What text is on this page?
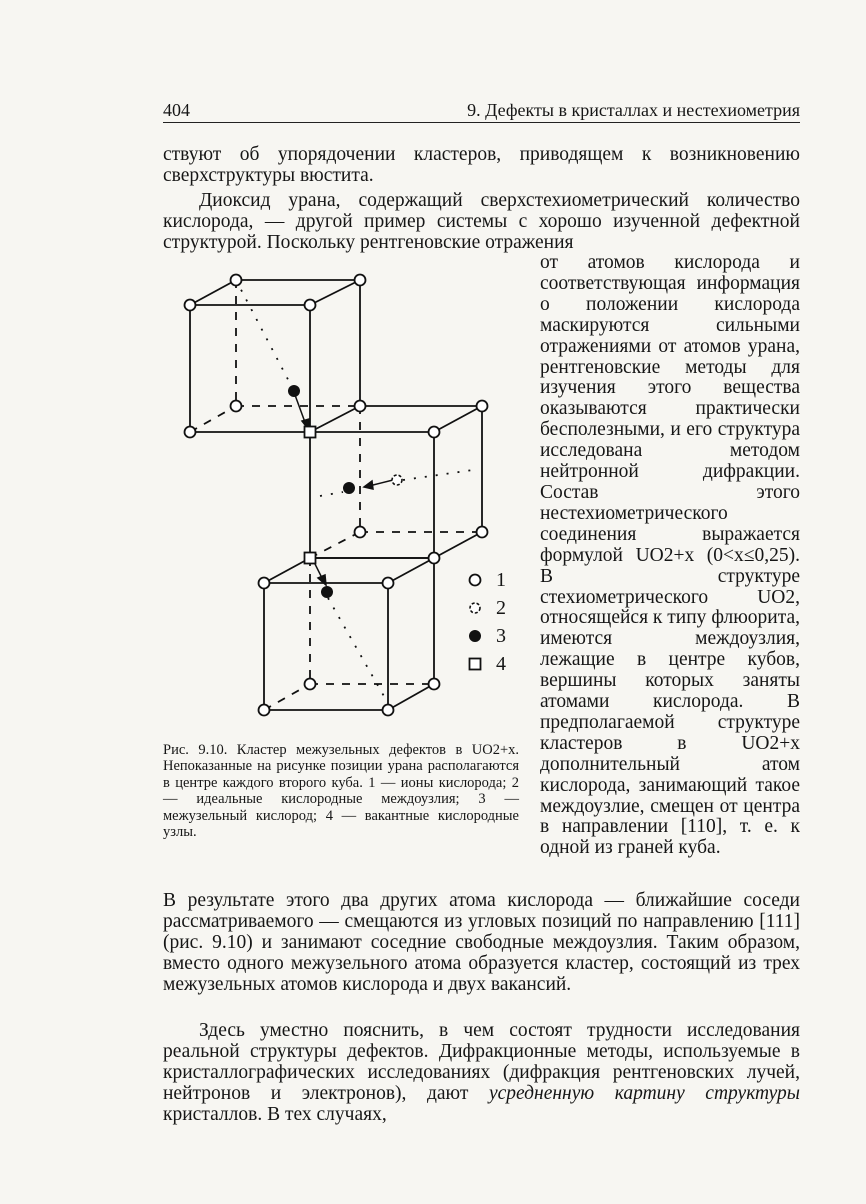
404	9. Дефекты в кристаллах и нестехиометрия

ствуют об упорядочении кластеров, приводящем к возникновению сверхструктуры вюстита.

Диоксид урана, содержащий сверхстехиометрический количество кислорода, — другой пример системы с хорошо изученной дефектной структурой. Поскольку рентгеновские отражения

от атомов кислорода и соответствующая информация о положении кислорода маскируются сильными отражениями от атомов урана, рентгеновские методы для изучения этого вещества оказываются практически бесполезными, и его структура исследована методом нейтронной дифракции. Состав этого нестехиометрического соединения выражается формулой UO2+x (0<x≤0,25). В структуре стехиометрического UO2, относящейся к типу флюорита, имеются междоузлия, лежащие в центре кубов, вершины которых заняты атомами кислорода. В предполагаемой структуре кластеров в UO2+x дополнительный атом кислорода, занимающий такое междоузлие, смещен от центра в направлении [110], т. е. к одной из граней куба.

1
2
3
4

Рис. 9.10. Кластер межузельных дефектов в UO2+x. Непоказанные на рисунке позиции урана располагаются в центре каждого второго куба. 1 — ионы кислорода; 2 — идеальные кислородные междоузлия; 3 — межузельный кислород; 4 — вакантные кислородные узлы.

В результате этого два других атома кислорода — ближайшие соседи рассматриваемого — смещаются из угловых позиций по направлению [111] (рис. 9.10) и занимают соседние свободные междоузлия. Таким образом, вместо одного межузельного атома образуется кластер, состоящий из трех межузельных атомов кислорода и двух вакансий.

Здесь уместно пояснить, в чем состоят трудности исследования реальной структуры дефектов. Дифракционные методы, используемые в кристаллографических исследованиях (дифракция рентгеновских лучей, нейтронов и электронов), дают усредненную картину структуры кристаллов. В тех случаях,
